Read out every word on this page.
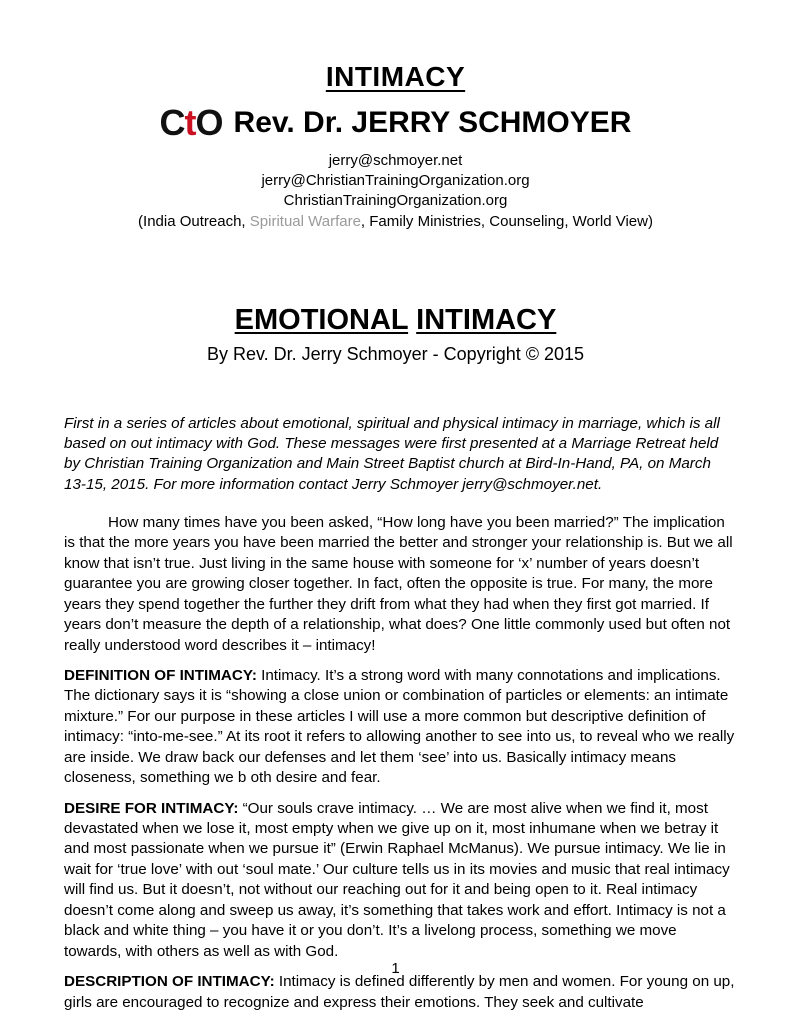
INTIMACY
CtO Rev. Dr. JERRY SCHMOYER
jerry@schmoyer.net
jerry@ChristianTrainingOrganization.org
ChristianTrainingOrganization.org
(India Outreach, Spiritual Warfare, Family Ministries, Counseling, World View)
EMOTIONAL INTIMACY
By Rev. Dr. Jerry Schmoyer - Copyright © 2015

First in a series of articles about emotional, spiritual and physical intimacy in marriage, which is all based on out intimacy with God. These messages were first presented at a Marriage Retreat held by Christian Training Organization and Main Street Baptist church at Bird-In-Hand, PA, on March 13-15, 2015. For more information contact Jerry Schmoyer jerry@schmoyer.net.

How many times have you been asked, “How long have you been married?” The implication is that the more years you have been married the better and stronger your relationship is. But we all know that isn’t true. Just living in the same house with someone for ‘x’ number of years doesn’t guarantee you are growing closer together. In fact, often the opposite is true. For many, the more years they spend together the further they drift from what they had when they first got married. If years don’t measure the depth of a relationship, what does? One little commonly used but often not really understood word describes it – intimacy!

DEFINITION OF INTIMACY: Intimacy. It’s a strong word with many connotations and implications. The dictionary says it is “showing a close union or combination of particles or elements: an intimate mixture.” For our purpose in these articles I will use a more common but descriptive definition of intimacy: “into-me-see.” At its root it refers to allowing another to see into us, to reveal who we really are inside. We draw back our defenses and let them ‘see’ into us. Basically intimacy means closeness, something we b oth desire and fear.

DESIRE FOR INTIMACY: “Our souls crave intimacy. … We are most alive when we find it, most devastated when we lose it, most empty when we give up on it, most inhumane when we betray it and most passionate when we pursue it” (Erwin Raphael McManus). We pursue intimacy. We lie in wait for ‘true love’ with out ‘soul mate.’ Our culture tells us in its movies and music that real intimacy will find us. But it doesn’t, not without our reaching out for it and being open to it. Real intimacy doesn’t come along and sweep us away, it’s something that takes work and effort. Intimacy is not a black and white thing – you have it or you don’t. It’s a livelong process, something we move towards, with others as well as with God.

DESCRIPTION OF INTIMACY: Intimacy is defined differently by men and women. For young on up, girls are encouraged to recognize and express their emotions. They seek and cultivate

1
